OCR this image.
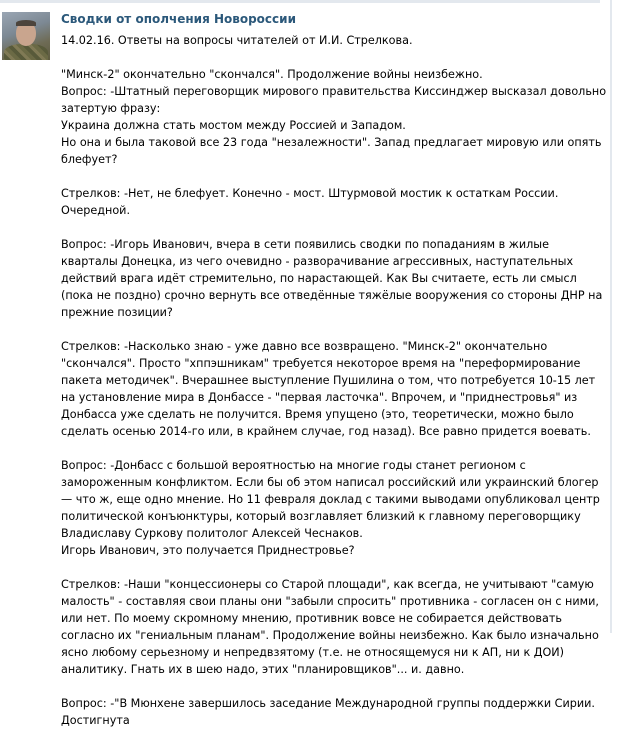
Сводки от ополчения Новороссии
14.02.16. Ответы на вопросы читателей от И.И. Стрелкова.

"Минск-2" окончательно "скончался". Продолжение войны неизбежно.

Вопрос: -Штатный переговорщик мирового правительства Киссинджер высказал довольно затертую фразу:

Украина должна стать мостом между Россией и Западом.

Но она и была таковой все 23 года "незалежности". Запад предлагает мировую или опять блефует?

Стрелков: -Нет, не блефует. Конечно - мост. Штурмовой мостик к остаткам России. Очередной.

Вопрос: -Игорь Иванович, вчера в сети появились сводки по попаданиям в жилые кварталы Донецка, из чего очевидно - разворачивание агрессивных, наступательных действий врага идёт стремительно, по нарастающей. Как Вы считаете, есть ли смысл (пока не поздно) срочно вернуть все отведённые тяжёлые вооружения со стороны ДНР на прежние позиции?

Стрелков: -Насколько знаю - уже давно все возвращено. "Минск-2" окончательно "скончался". Просто "хппэшникам" требуется некоторое время на "переформирование пакета методичек". Вчерашнее выступление Пушилина о том, что потребуется 10-15 лет на установление мира в Донбассе - "первая ласточка". Впрочем, и "приднестровья" из Донбасса уже сделать не получится. Время упущено (это, теоретически, можно было сделать осенью 2014-го или, в крайнем случае, год назад). Все равно придется воевать.

Вопрос: -Донбасс с большой вероятностью на многие годы станет регионом с замороженным конфликтом. Если бы об этом написал российский или украинский блогер — что ж, еще одно мнение. Но 11 февраля доклад с такими выводами опубликовал центр политической конъюнктуры, который возглавляет близкий к главному переговорщику Владиславу Суркову политолог Алексей Чеснаков.

Игорь Иванович, это получается Приднестровье?

Стрелков: -Наши "концессионеры со Старой площади", как всегда, не учитывают "самую малость" - составляя свои планы они "забыли спросить" противника - согласен он с ними, или нет. По моему скромному мнению, противник вовсе не собирается действовать согласно их "гениальным планам". Продолжение войны неизбежно. Как было изначально ясно любому серьезному и непредвзятому (т.е. не относящемуся ни к АП, ни к ДОИ) аналитику. Гнать их в шею надо, этих "планировщиков"... и. давно.

Вопрос: -"В Мюнхене завершилось заседание Международной группы поддержки Сирии. Достигнута
